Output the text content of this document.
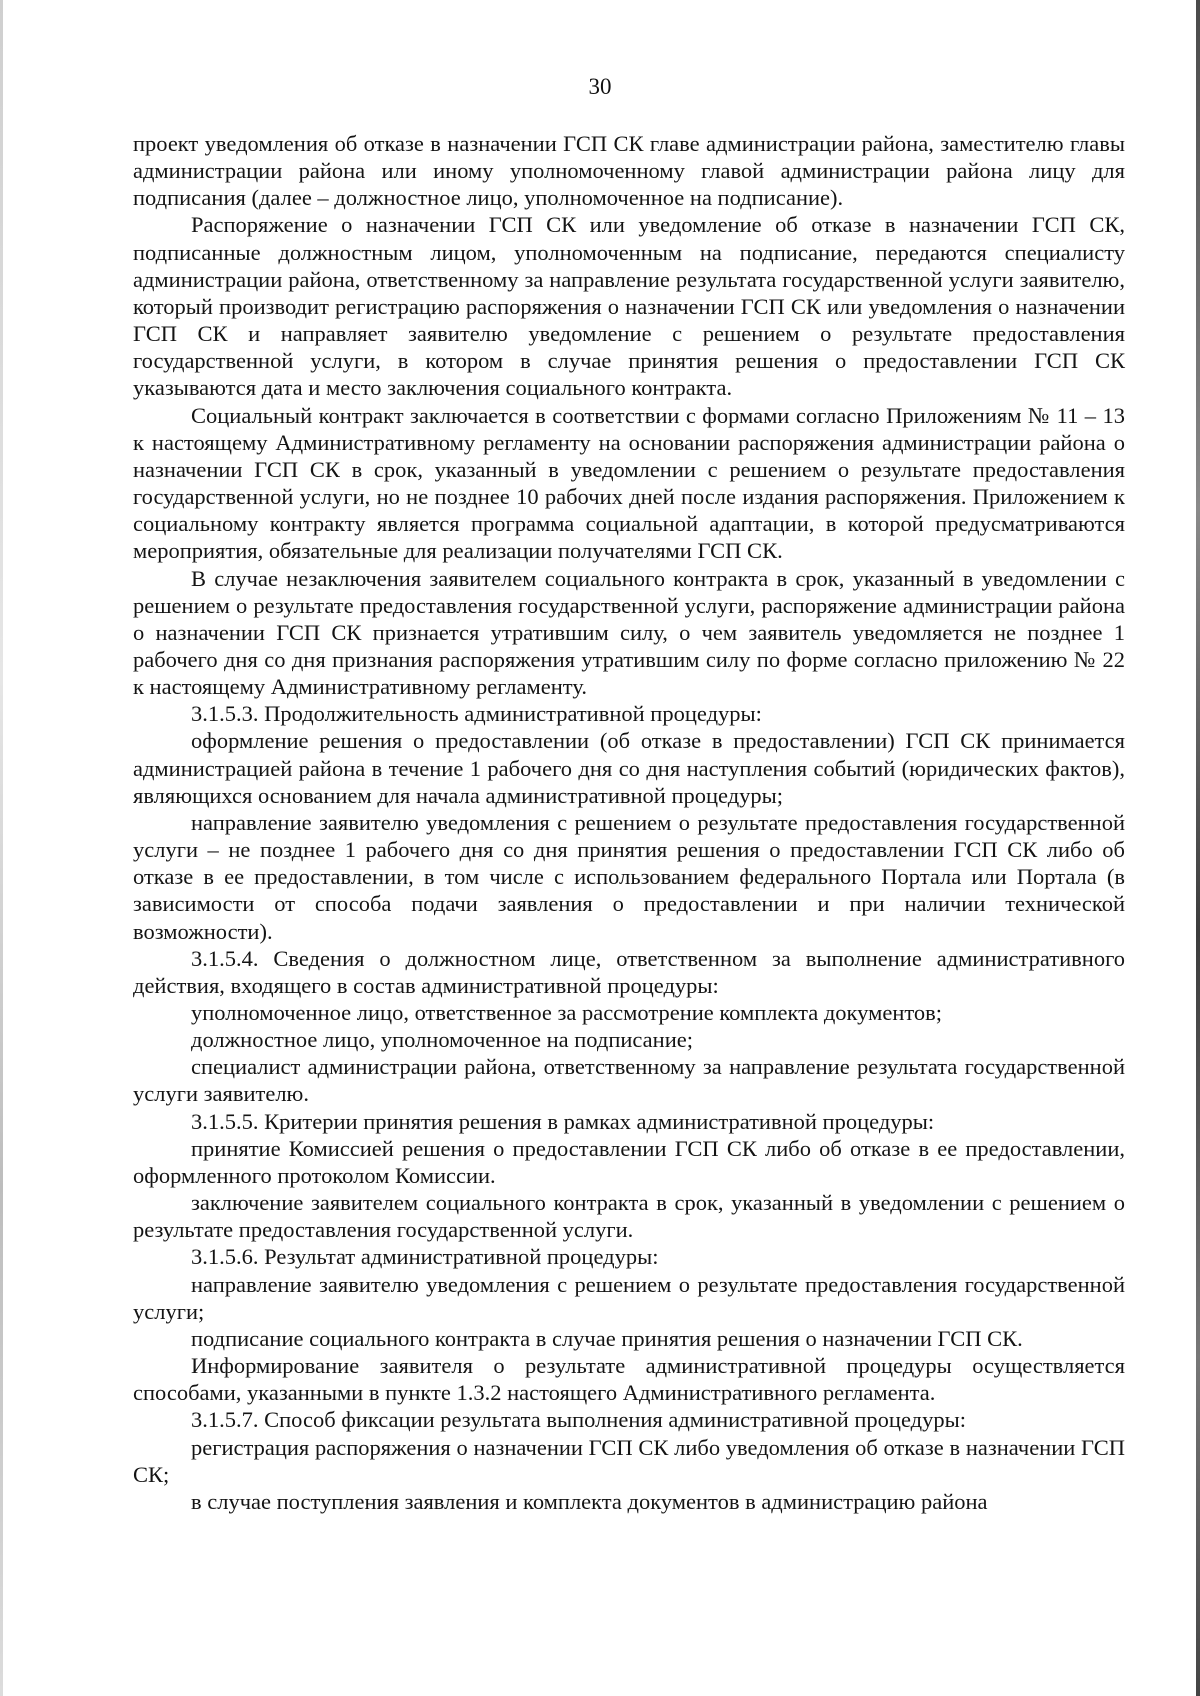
30

проект уведомления об отказе в назначении ГСП СК главе администрации района, заместителю главы администрации района или иному уполномоченному главой администрации района лицу для подписания (далее – должностное лицо, уполномоченное на подписание).

Распоряжение о назначении ГСП СК или уведомление об отказе в назначении ГСП СК, подписанные должностным лицом, уполномоченным на подписание, передаются специалисту администрации района, ответственному за направление результата государственной услуги заявителю, который производит регистрацию распоряжения о назначении ГСП СК или уведомления о назначении ГСП СК и направляет заявителю уведомление с решением о результате предоставления государственной услуги, в котором в случае принятия решения о предоставлении ГСП СК указываются дата и место заключения социального контракта.

Социальный контракт заключается в соответствии с формами согласно Приложениям № 11 – 13 к настоящему Административному регламенту на основании распоряжения администрации района о назначении ГСП СК в срок, указанный в уведомлении с решением о результате предоставления государственной услуги, но не позднее 10 рабочих дней после издания распоряжения. Приложением к социальному контракту является программа социальной адаптации, в которой предусматриваются мероприятия, обязательные для реализации получателями ГСП СК.

В случае незаключения заявителем социального контракта в срок, указанный в уведомлении с решением о результате предоставления государственной услуги, распоряжение администрации района о назначении ГСП СК признается утратившим силу, о чем заявитель уведомляется не позднее 1 рабочего дня со дня признания распоряжения утратившим силу по форме согласно приложению № 22 к настоящему Административному регламенту.

3.1.5.3. Продолжительность административной процедуры:

оформление решения о предоставлении (об отказе в предоставлении) ГСП СК принимается администрацией района в течение 1 рабочего дня со дня наступления событий (юридических фактов), являющихся основанием для начала административной процедуры;

направление заявителю уведомления с решением о результате предоставления государственной услуги – не позднее 1 рабочего дня со дня принятия решения о предоставлении ГСП СК либо об отказе в ее предоставлении, в том числе с использованием федерального Портала или Портала (в зависимости от способа подачи заявления о предоставлении и при наличии технической возможности).

3.1.5.4. Сведения о должностном лице, ответственном за выполнение административного действия, входящего в состав административной процедуры:

уполномоченное лицо, ответственное за рассмотрение комплекта документов;

должностное лицо, уполномоченное на подписание;

специалист администрации района, ответственному за направление результата государственной услуги заявителю.

3.1.5.5. Критерии принятия решения в рамках административной процедуры:

принятие Комиссией решения о предоставлении ГСП СК либо об отказе в ее предоставлении, оформленного протоколом Комиссии.

заключение заявителем социального контракта в срок, указанный в уведомлении с решением о результате предоставления государственной услуги.

3.1.5.6. Результат административной процедуры:

направление заявителю уведомления с решением о результате предоставления государственной услуги;

подписание социального контракта в случае принятия решения о назначении ГСП СК.

Информирование заявителя о результате административной процедуры осуществляется способами, указанными в пункте 1.3.2 настоящего Административного регламента.

3.1.5.7. Способ фиксации результата выполнения административной процедуры:

регистрация распоряжения о назначении ГСП СК либо уведомления об отказе в назначении ГСП СК;

в случае поступления заявления и комплекта документов в администрацию района
